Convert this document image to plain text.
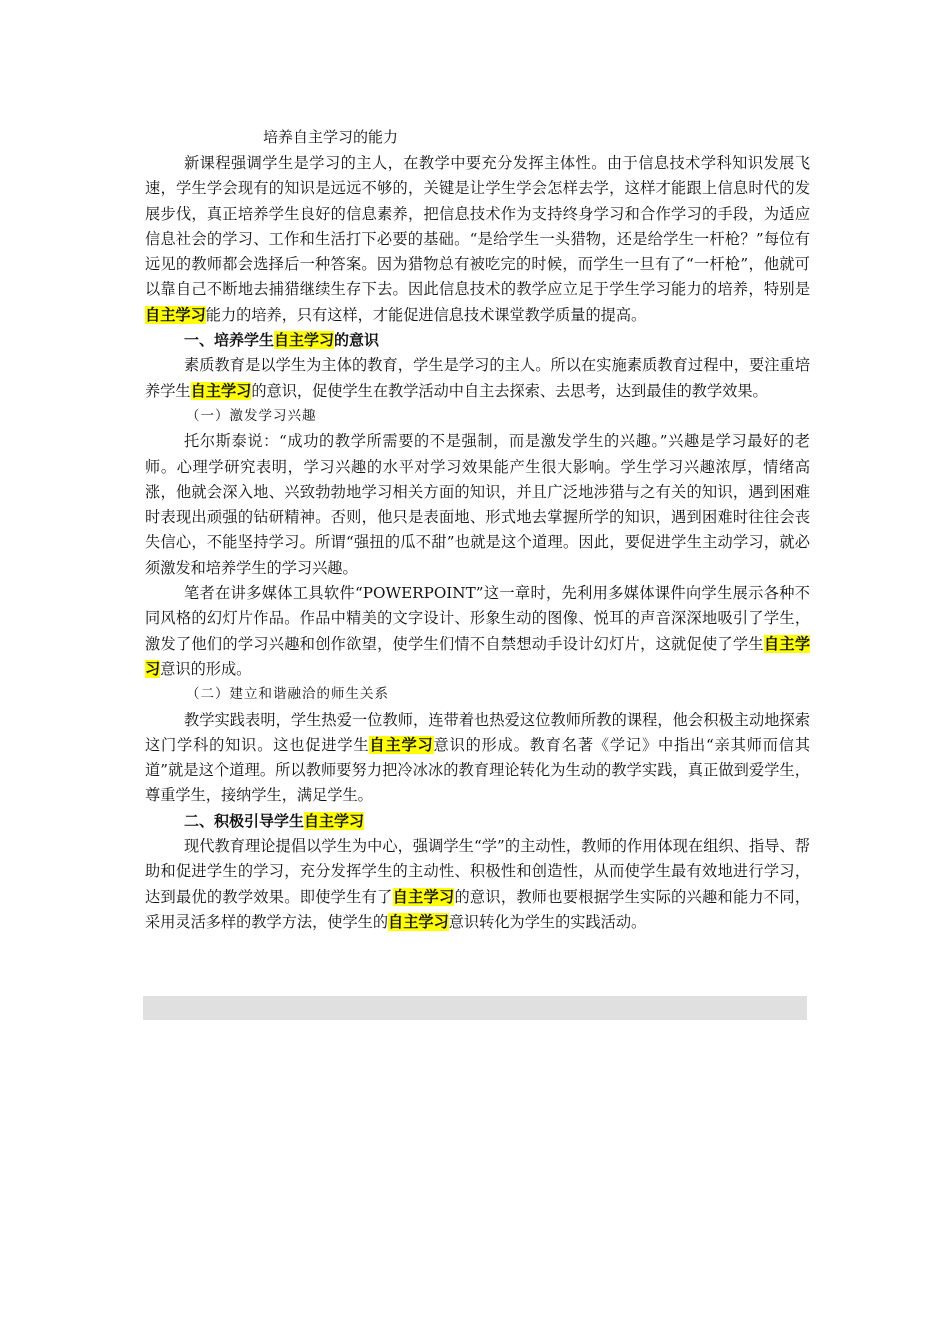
培养自主学习的能力

新课程强调学生是学习的主人，在教学中要充分发挥主体性。由于信息技术学科知识发展飞速，学生学会现有的知识是远远不够的，关键是让学生学会怎样去学，这样才能跟上信息时代的发展步伐，真正培养学生良好的信息素养，把信息技术作为支持终身学习和合作学习的手段，为适应信息社会的学习、工作和生活打下必要的基础。“是给学生一头猎物，还是给学生一杆枪？”每位有远见的教师都会选择后一种答案。因为猎物总有被吃完的时候，而学生一旦有了“一杆枪”，他就可以靠自己不断地去捕猎继续生存下去。因此信息技术的教学应立足于学生学习能力的培养，特别是自主学习能力的培养，只有这样，才能促进信息技术课堂教学质量的提高。

一、培养学生自主学习的意识

素质教育是以学生为主体的教育，学生是学习的主人。所以在实施素质教育过程中，要注重培养学生自主学习的意识，促使学生在教学活动中自主去探索、去思考，达到最佳的教学效果。

（一）激发学习兴趣

托尔斯泰说：“成功的教学所需要的不是强制，而是激发学生的兴趣。”兴趣是学习最好的老师。心理学研究表明，学习兴趣的水平对学习效果能产生很大影响。学生学习兴趣浓厚，情绪高涨，他就会深入地、兴致勃勃地学习相关方面的知识，并且广泛地涉猎与之有关的知识，遇到困难时表现出顽强的钻研精神。否则，他只是表面地、形式地去掌握所学的知识，遇到困难时往往会丧失信心，不能坚持学习。所谓“强扭的瓜不甜”也就是这个道理。因此，要促进学生主动学习，就必须激发和培养学生的学习兴趣。

笔者在讲多媒体工具软件“POWERPOINT”这一章时，先利用多媒体课件向学生展示各种不同风格的幻灯片作品。作品中精美的文字设计、形象生动的图像、悦耳的声音深深地吸引了学生，激发了他们的学习兴趣和创作欲望，使学生们情不自禁想动手设计幻灯片，这就促使了学生自主学习意识的形成。

（二）建立和谐融洽的师生关系

教学实践表明，学生热爱一位教师，连带着也热爱这位教师所教的课程，他会积极主动地探索这门学科的知识。这也促进学生自主学习意识的形成。教育名著《学记》中指出“亲其师而信其道”就是这个道理。所以教师要努力把冷冰冰的教育理论转化为生动的教学实践，真正做到爱学生，尊重学生，接纳学生，满足学生。

二、积极引导学生自主学习

现代教育理论提倡以学生为中心，强调学生“学”的主动性，教师的作用体现在组织、指导、帮助和促进学生的学习，充分发挥学生的主动性、积极性和创造性，从而使学生最有效地进行学习，达到最优的教学效果。即使学生有了自主学习的意识，教师也要根据学生实际的兴趣和能力不同，采用灵活多样的教学方法，使学生的自主学习意识转化为学生的实践活动。
